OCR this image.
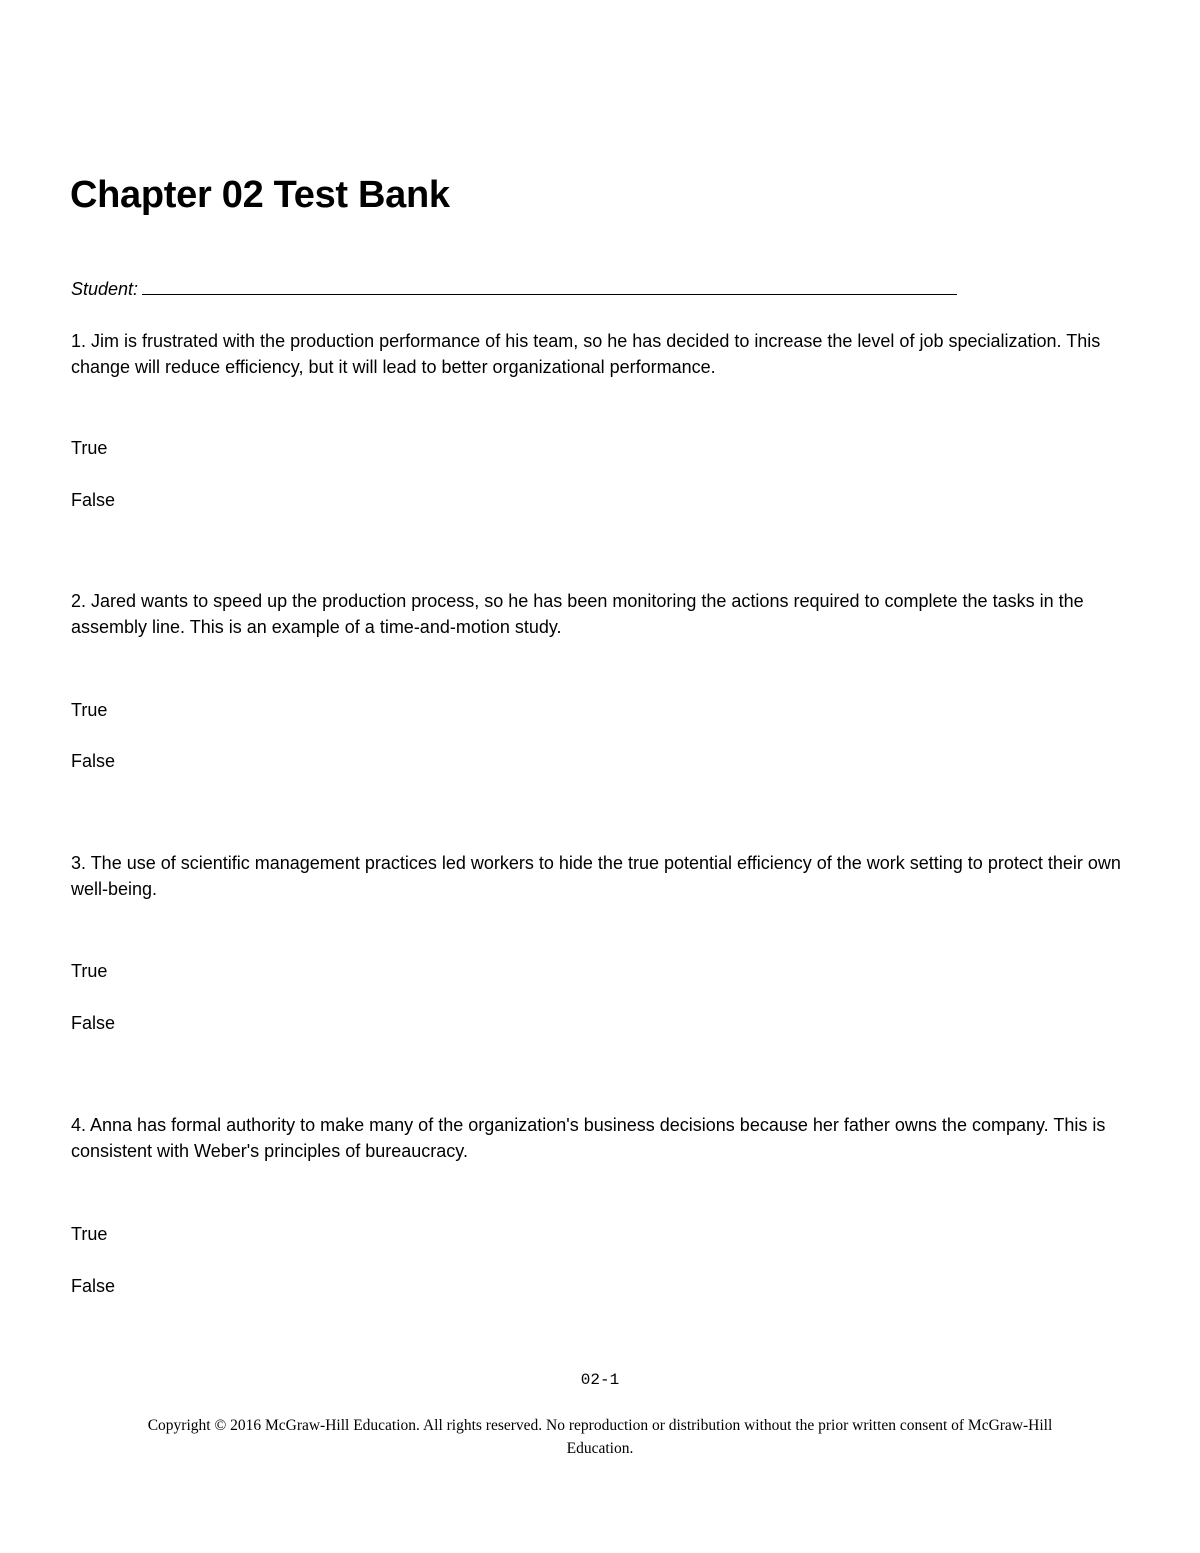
Chapter 02 Test Bank
Student:

1. Jim is frustrated with the production performance of his team, so he has decided to increase the level of job specialization. This change will reduce efficiency, but it will lead to better organizational performance.

True
False

2. Jared wants to speed up the production process, so he has been monitoring the actions required to complete the tasks in the assembly line. This is an example of a time-and-motion study.

True
False

3. The use of scientific management practices led workers to hide the true potential efficiency of the work setting to protect their own well-being.

True
False

4. Anna has formal authority to make many of the organization's business decisions because her father owns the company. This is consistent with Weber's principles of bureaucracy.

True
False
02-1
Copyright © 2016 McGraw-Hill Education. All rights reserved. No reproduction or distribution without the prior written consent of McGraw-Hill Education.
